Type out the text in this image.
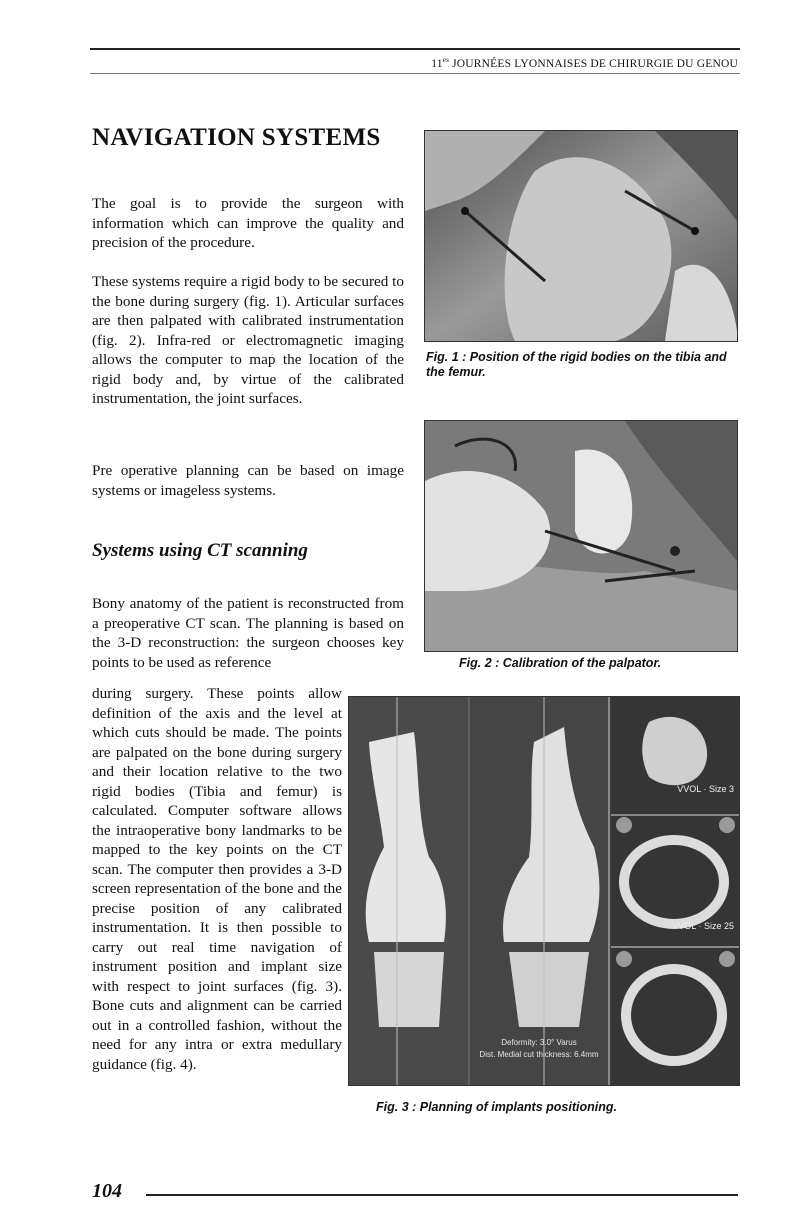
$11^{es}$ JOURNÉES LYONNAISES DE CHIRURGIE DU GENOU
NAVIGATION SYSTEMS
The goal is to provide the surgeon with information which can improve the quality and precision of the procedure.
These systems require a rigid body to be secured to the bone during surgery (fig. 1). Articular surfaces are then palpated with calibrated instrumentation (fig. 2). Infra-red or electromagnetic imaging allows the computer to map the location of the rigid body and, by virtue of the calibrated instrumentation, the joint surfaces.
Pre operative planning can be based on image systems or imageless systems.
Systems using CT scanning
Bony anatomy of the patient is reconstructed from a preoperative CT scan. The planning is based on the 3-D reconstruction: the surgeon chooses key points to be used as reference
during surgery. These points allow definition of the axis and the level at which cuts should be made. The points are palpated on the bone during surgery and their location relative to the two rigid bodies (Tibia and femur) is calculated. Computer software allows the intraoperative bony landmarks to be mapped to the key points on the CT scan. The computer then provides a 3-D screen representation of the bone and the precise position of any calibrated instrumentation. It is then possible to carry out real time navigation of instrument position and implant size with respect to joint surfaces (fig. 3). Bone cuts and alignment can be carried out in a controlled fashion, without the need for any intra or extra medullary guidance (fig. 4).
Fig. 1 : Position of the rigid bodies on the tibia and the femur.
Fig. 2 : Calibration of the palpator.
VVOL · Size 3
VVOL · Size 25
Deformity: 3.0° Varus
Dist. Medial cut thickness: 6.4mm
Fig. 3 : Planning of implants positioning.
104
